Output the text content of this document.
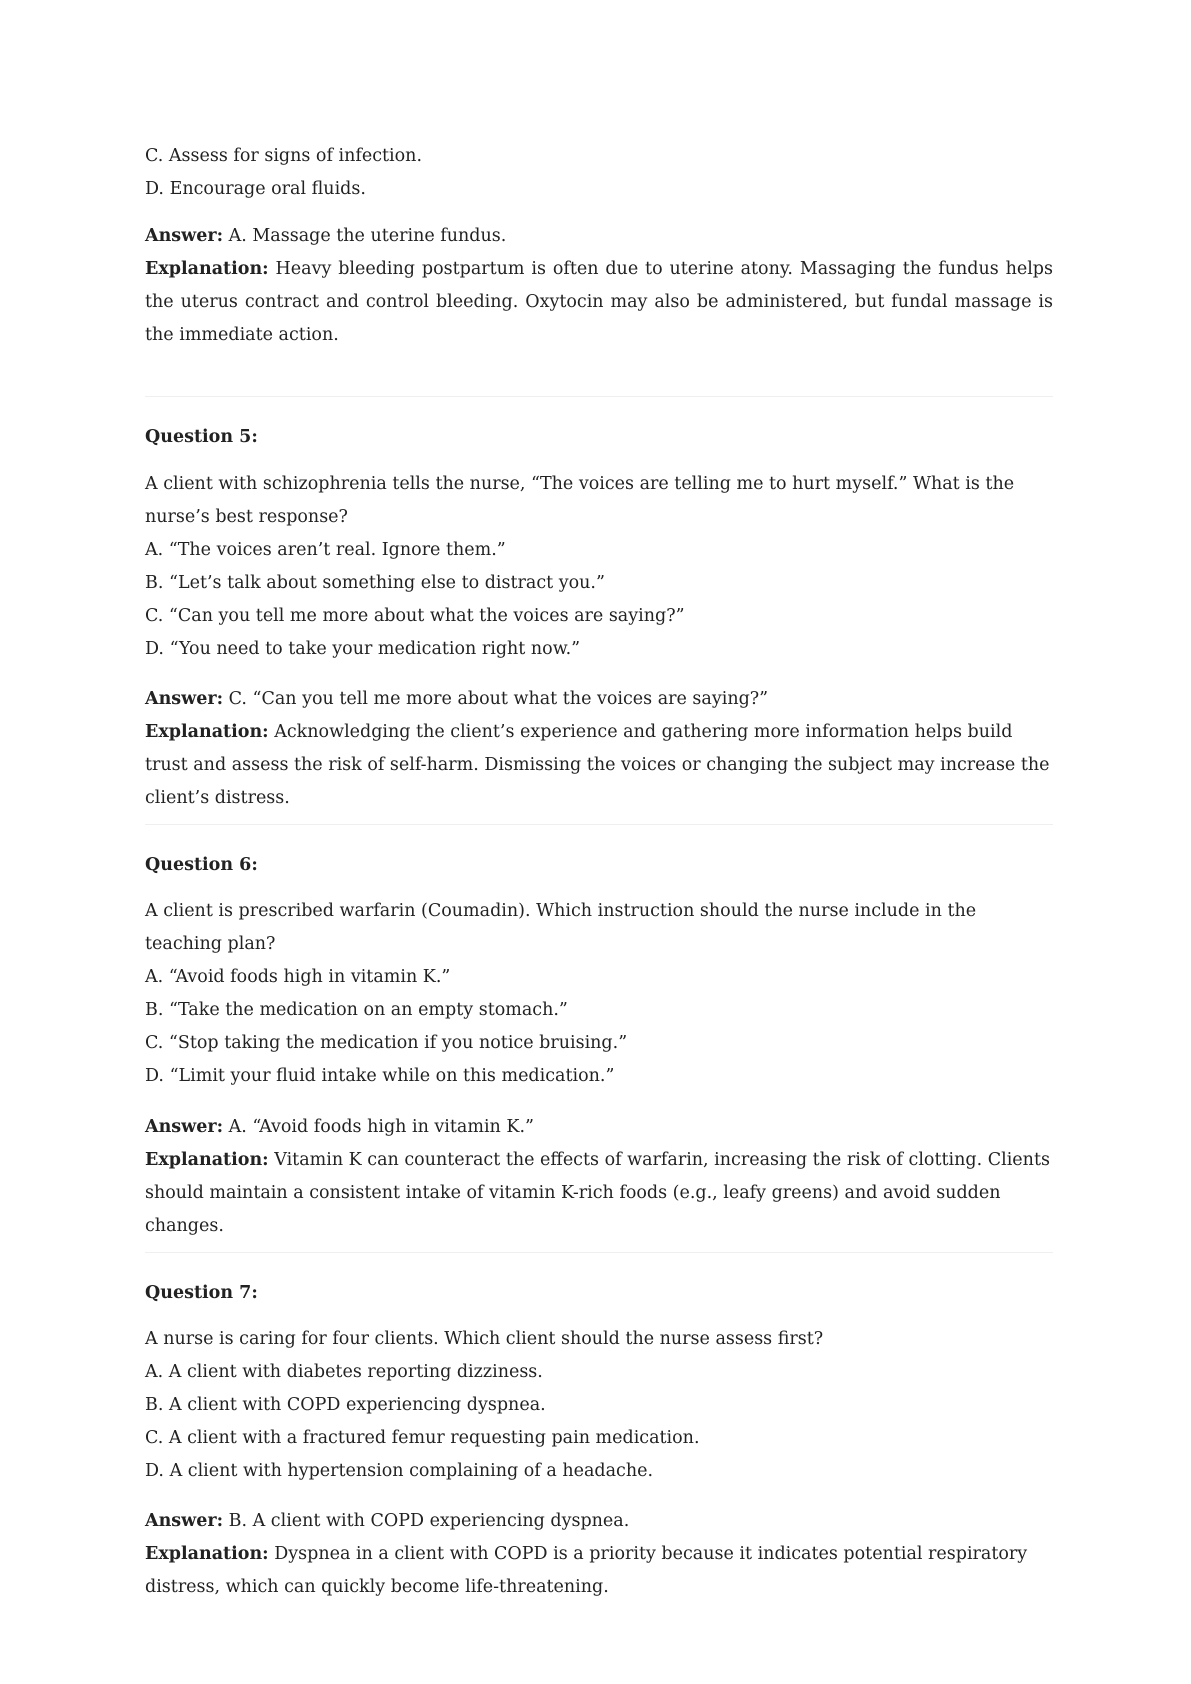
C. Assess for signs of infection.

D. Encourage oral fluids.

Answer: A. Massage the uterine fundus.

Explanation: Heavy bleeding postpartum is often due to uterine atony. Massaging the fundus helps the uterus contract and control bleeding. Oxytocin may also be administered, but fundal massage is the immediate action.

Question 5:

A client with schizophrenia tells the nurse, “The voices are telling me to hurt myself.” What is the nurse’s best response?

A. “The voices aren’t real. Ignore them.”

B. “Let’s talk about something else to distract you.”

C. “Can you tell me more about what the voices are saying?”

D. “You need to take your medication right now.”

Answer: C. “Can you tell me more about what the voices are saying?”

Explanation: Acknowledging the client’s experience and gathering more information helps build trust and assess the risk of self-harm. Dismissing the voices or changing the subject may increase the client’s distress.

Question 6:

A client is prescribed warfarin (Coumadin). Which instruction should the nurse include in the teaching plan?

A. “Avoid foods high in vitamin K.”

B. “Take the medication on an empty stomach.”

C. “Stop taking the medication if you notice bruising.”

D. “Limit your fluid intake while on this medication.”

Answer: A. “Avoid foods high in vitamin K.”

Explanation: Vitamin K can counteract the effects of warfarin, increasing the risk of clotting. Clients should maintain a consistent intake of vitamin K-rich foods (e.g., leafy greens) and avoid sudden changes.

Question 7:

A nurse is caring for four clients. Which client should the nurse assess first?

A. A client with diabetes reporting dizziness.

B. A client with COPD experiencing dyspnea.

C. A client with a fractured femur requesting pain medication.

D. A client with hypertension complaining of a headache.

Answer: B. A client with COPD experiencing dyspnea.

Explanation: Dyspnea in a client with COPD is a priority because it indicates potential respiratory distress, which can quickly become life-threatening.
